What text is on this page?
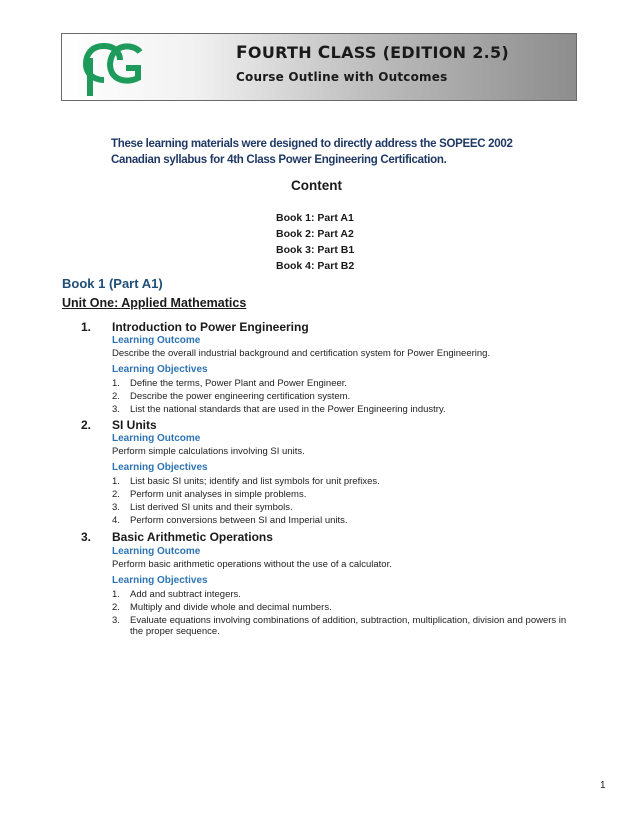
FOURTH CLASS (EDITION 2.5)
Course Outline with Outcomes
These learning materials were designed to directly address the SOPEEC 2002 Canadian syllabus for 4th Class Power Engineering Certification.
Content
Book 1: Part A1
Book 2: Part A2
Book 3: Part B1
Book 4: Part B2
Book 1 (Part A1)
Unit One: Applied Mathematics
1. Introduction to Power Engineering
Learning Outcome
Describe the overall industrial background and certification system for Power Engineering.
Learning Objectives
1. Define the terms, Power Plant and Power Engineer.
2. Describe the power engineering certification system.
3. List the national standards that are used in the Power Engineering industry.
2. SI Units
Learning Outcome
Perform simple calculations involving SI units.
Learning Objectives
1. List basic SI units; identify and list symbols for unit prefixes.
2. Perform unit analyses in simple problems.
3. List derived SI units and their symbols.
4. Perform conversions between SI and Imperial units.
3. Basic Arithmetic Operations
Learning Outcome
Perform basic arithmetic operations without the use of a calculator.
Learning Objectives
1. Add and subtract integers.
2. Multiply and divide whole and decimal numbers.
3. Evaluate equations involving combinations of addition, subtraction, multiplication, division and powers in the proper sequence.
1
